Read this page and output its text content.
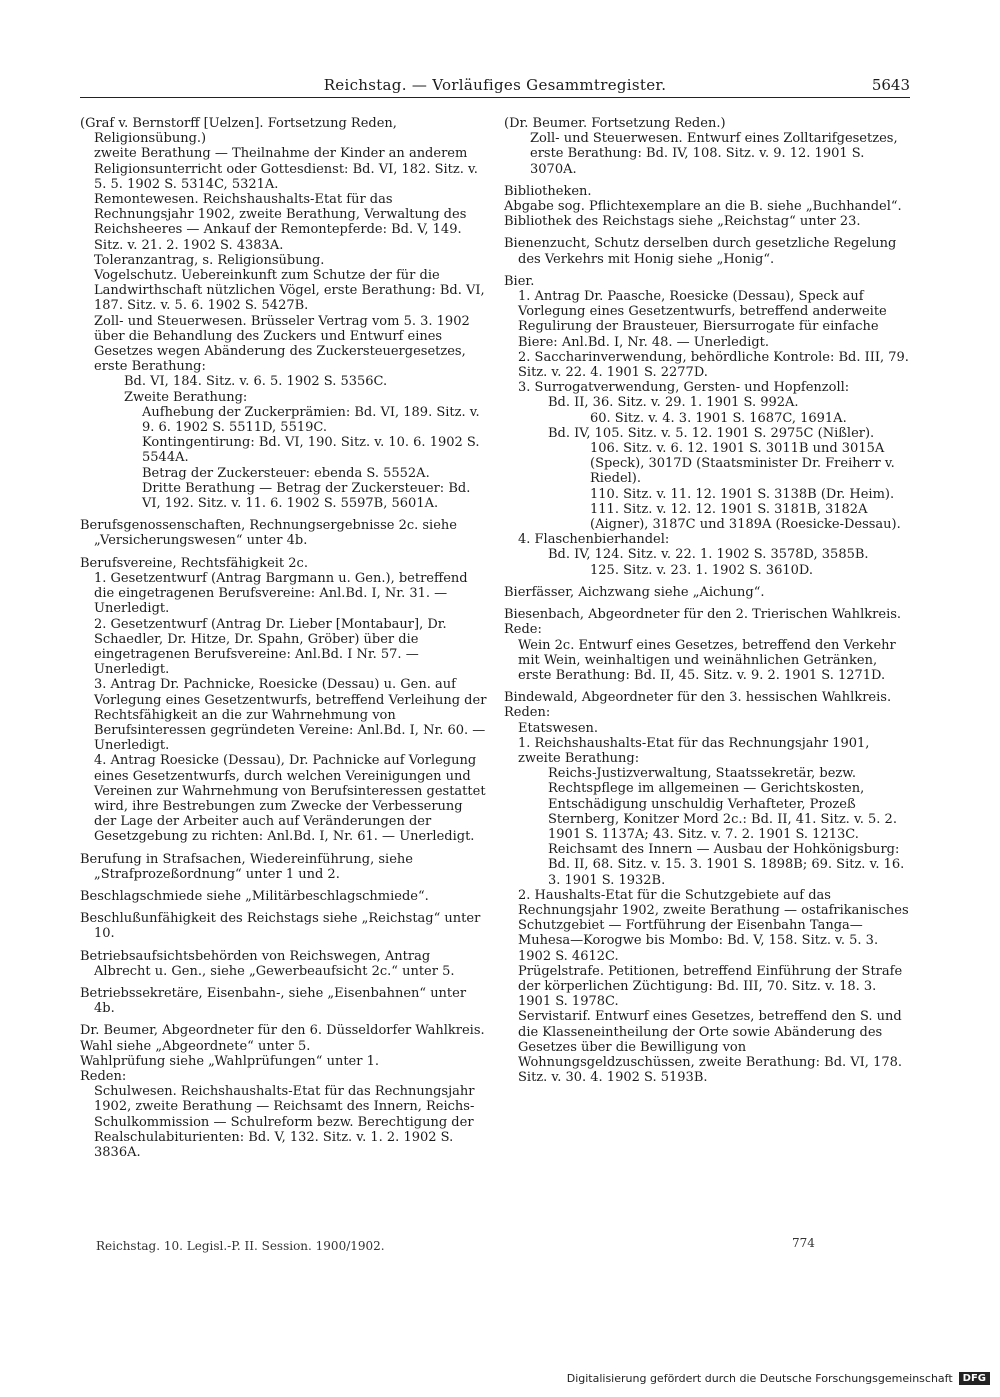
Reichstag. — Vorläufiges Gesammtregister.	5643
(Graf v. Bernstorff [Uelzen]. Fortsetzung Reden, Religionsübung.)
zweite Berathung — Theilnahme der Kinder an anderem Religionsunterricht oder Gottesdienst: Bd. VI, 182. Sitz. v. 5. 5. 1902 S. 5314C, 5321A.
Remontewesen. Reichshaushalts-Etat für das Rechnungsjahr 1902, zweite Berathung, Verwaltung des Reichsheeres — Ankauf der Remontepferde: Bd. V, 149. Sitz. v. 21. 2. 1902 S. 4383A.
Toleranzantrag, s. Religionsübung.
Vogelschutz. Uebereinkunft zum Schutze der für die Landwirthschaft nützlichen Vögel, erste Berathung: Bd. VI, 187. Sitz. v. 5. 6. 1902 S. 5427B.
Zoll- und Steuerwesen. Brüsseler Vertrag vom 5. 3. 1902 über die Behandlung des Zuckers und Entwurf eines Gesetzes wegen Abänderung des Zuckersteuergesetzes, erste Berathung:
Bd. VI, 184. Sitz. v. 6. 5. 1902 S. 5356C.
Zweite Berathung:
Aufhebung der Zuckerprämien: Bd. VI, 189. Sitz. v. 9. 6. 1902 S. 5511D, 5519C.
Kontingentirung: Bd. VI, 190. Sitz. v. 10. 6. 1902 S. 5544A.
Betrag der Zuckersteuer: ebenda S. 5552A.
Dritte Berathung — Betrag der Zuckersteuer: Bd. VI, 192. Sitz. v. 11. 6. 1902 S. 5597B, 5601A.
Berufsgenossenschaften, Rechnungsergebnisse 2c. siehe „Versicherungswesen“ unter 4b.
Berufsvereine, Rechtsfähigkeit 2c.
1. Gesetzentwurf (Antrag Bargmann u. Gen.), betreffend die eingetragenen Berufsvereine: Anl.Bd. I, Nr. 31. — Unerledigt.
2. Gesetzentwurf (Antrag Dr. Lieber [Montabaur], Dr. Schaedler, Dr. Hitze, Dr. Spahn, Gröber) über die eingetragenen Berufsvereine: Anl.Bd. I Nr. 57. — Unerledigt.
3. Antrag Dr. Pachnicke, Roesicke (Dessau) u. Gen. auf Vorlegung eines Gesetzentwurfs, betreffend Verleihung der Rechtsfähigkeit an die zur Wahrnehmung von Berufsinteressen gegründeten Vereine: Anl.Bd. I, Nr. 60. — Unerledigt.
4. Antrag Roesicke (Dessau), Dr. Pachnicke auf Vorlegung eines Gesetzentwurfs, durch welchen Vereinigungen und Vereinen zur Wahrnehmung von Berufsinteressen gestattet wird, ihre Bestrebungen zum Zwecke der Verbesserung der Lage der Arbeiter auch auf Veränderungen der Gesetzgebung zu richten: Anl.Bd. I, Nr. 61. — Unerledigt.
Berufung in Strafsachen, Wiedereinführung, siehe „Strafprozeßordnung“ unter 1 und 2.
Beschlagschmiede siehe „Militärbeschlagschmiede“.
Beschlußunfähigkeit des Reichstags siehe „Reichstag“ unter 10.
Betriebsaufsichtsbehörden von Reichswegen, Antrag Albrecht u. Gen., siehe „Gewerbeaufsicht 2c.“ unter 5.
Betriebssekretäre, Eisenbahn-, siehe „Eisenbahnen“ unter 4b.
Dr. Beumer, Abgeordneter für den 6. Düsseldorfer Wahlkreis.
Wahl siehe „Abgeordnete“ unter 5.
Wahlprüfung siehe „Wahlprüfungen“ unter 1.
Reden:
Schulwesen. Reichshaushalts-Etat für das Rechnungsjahr 1902, zweite Berathung — Reichsamt des Innern, Reichs-Schulkommission — Schulreform bezw. Berechtigung der Realschulabiturienten: Bd. V, 132. Sitz. v. 1. 2. 1902 S. 3836A.
(Dr. Beumer. Fortsetzung Reden.)
Zoll- und Steuerwesen. Entwurf eines Zolltarifgesetzes, erste Berathung: Bd. IV, 108. Sitz. v. 9. 12. 1901 S. 3070A.
Bibliotheken.
Abgabe sog. Pflichtexemplare an die B. siehe „Buchhandel“.
Bibliothek des Reichstags siehe „Reichstag“ unter 23.
Bienenzucht, Schutz derselben durch gesetzliche Regelung des Verkehrs mit Honig siehe „Honig“.
Bier.
1. Antrag Dr. Paasche, Roesicke (Dessau), Speck auf Vorlegung eines Gesetzentwurfs, betreffend anderweite Regulirung der Brausteuer, Biersurrogate für einfache Biere: Anl.Bd. I, Nr. 48. — Unerledigt.
2. Saccharinverwendung, behördliche Kontrole: Bd. III, 79. Sitz. v. 22. 4. 1901 S. 2277D.
3. Surrogatverwendung, Gersten- und Hopfenzoll:
Bd. II, 36. Sitz. v. 29. 1. 1901 S. 992A.
60. Sitz. v. 4. 3. 1901 S. 1687C, 1691A.
Bd. IV, 105. Sitz. v. 5. 12. 1901 S. 2975C (Nißler).
106. Sitz. v. 6. 12. 1901 S. 3011B und 3015A (Speck), 3017D (Staatsminister Dr. Freiherr v. Riedel).
110. Sitz. v. 11. 12. 1901 S. 3138B (Dr. Heim).
111. Sitz. v. 12. 12. 1901 S. 3181B, 3182A (Aigner), 3187C und 3189A (Roesicke-Dessau).
4. Flaschenbierhandel:
Bd. IV, 124. Sitz. v. 22. 1. 1902 S. 3578D, 3585B.
125. Sitz. v. 23. 1. 1902 S. 3610D.
Bierfässer, Aichzwang siehe „Aichung“.
Biesenbach, Abgeordneter für den 2. Trierischen Wahlkreis.
Rede:
Wein 2c. Entwurf eines Gesetzes, betreffend den Verkehr mit Wein, weinhaltigen und weinähnlichen Getränken, erste Berathung: Bd. II, 45. Sitz. v. 9. 2. 1901 S. 1271D.
Bindewald, Abgeordneter für den 3. hessischen Wahlkreis.
Reden:
Etatswesen.
1. Reichshaushalts-Etat für das Rechnungsjahr 1901, zweite Berathung:
Reichs-Justizverwaltung, Staatssekretär, bezw. Rechtspflege im allgemeinen — Gerichtskosten, Entschädigung unschuldig Verhafteter, Prozeß Sternberg, Konitzer Mord 2c.: Bd. II, 41. Sitz. v. 5. 2. 1901 S. 1137A; 43. Sitz. v. 7. 2. 1901 S. 1213C.
Reichsamt des Innern — Ausbau der Hohkönigsburg: Bd. II, 68. Sitz. v. 15. 3. 1901 S. 1898B; 69. Sitz. v. 16. 3. 1901 S. 1932B.
2. Haushalts-Etat für die Schutzgebiete auf das Rechnungsjahr 1902, zweite Berathung — ostafrikanisches Schutzgebiet — Fortführung der Eisenbahn Tanga—Muhesa—Korogwe bis Mombo: Bd. V, 158. Sitz. v. 5. 3. 1902 S. 4612C.
Prügelstrafe. Petitionen, betreffend Einführung der Strafe der körperlichen Züchtigung: Bd. III, 70. Sitz. v. 18. 3. 1901 S. 1978C.
Servistarif. Entwurf eines Gesetzes, betreffend den S. und die Klasseneintheilung der Orte sowie Abänderung des Gesetzes über die Bewilligung von Wohnungsgeldzuschüssen, zweite Berathung: Bd. VI, 178. Sitz. v. 30. 4. 1902 S. 5193B.
Reichstag. 10. Legisl.-P. II. Session. 1900/1902.	774
Digitalisierung gefördert durch die Deutsche Forschungsgemeinschaft	DFG
